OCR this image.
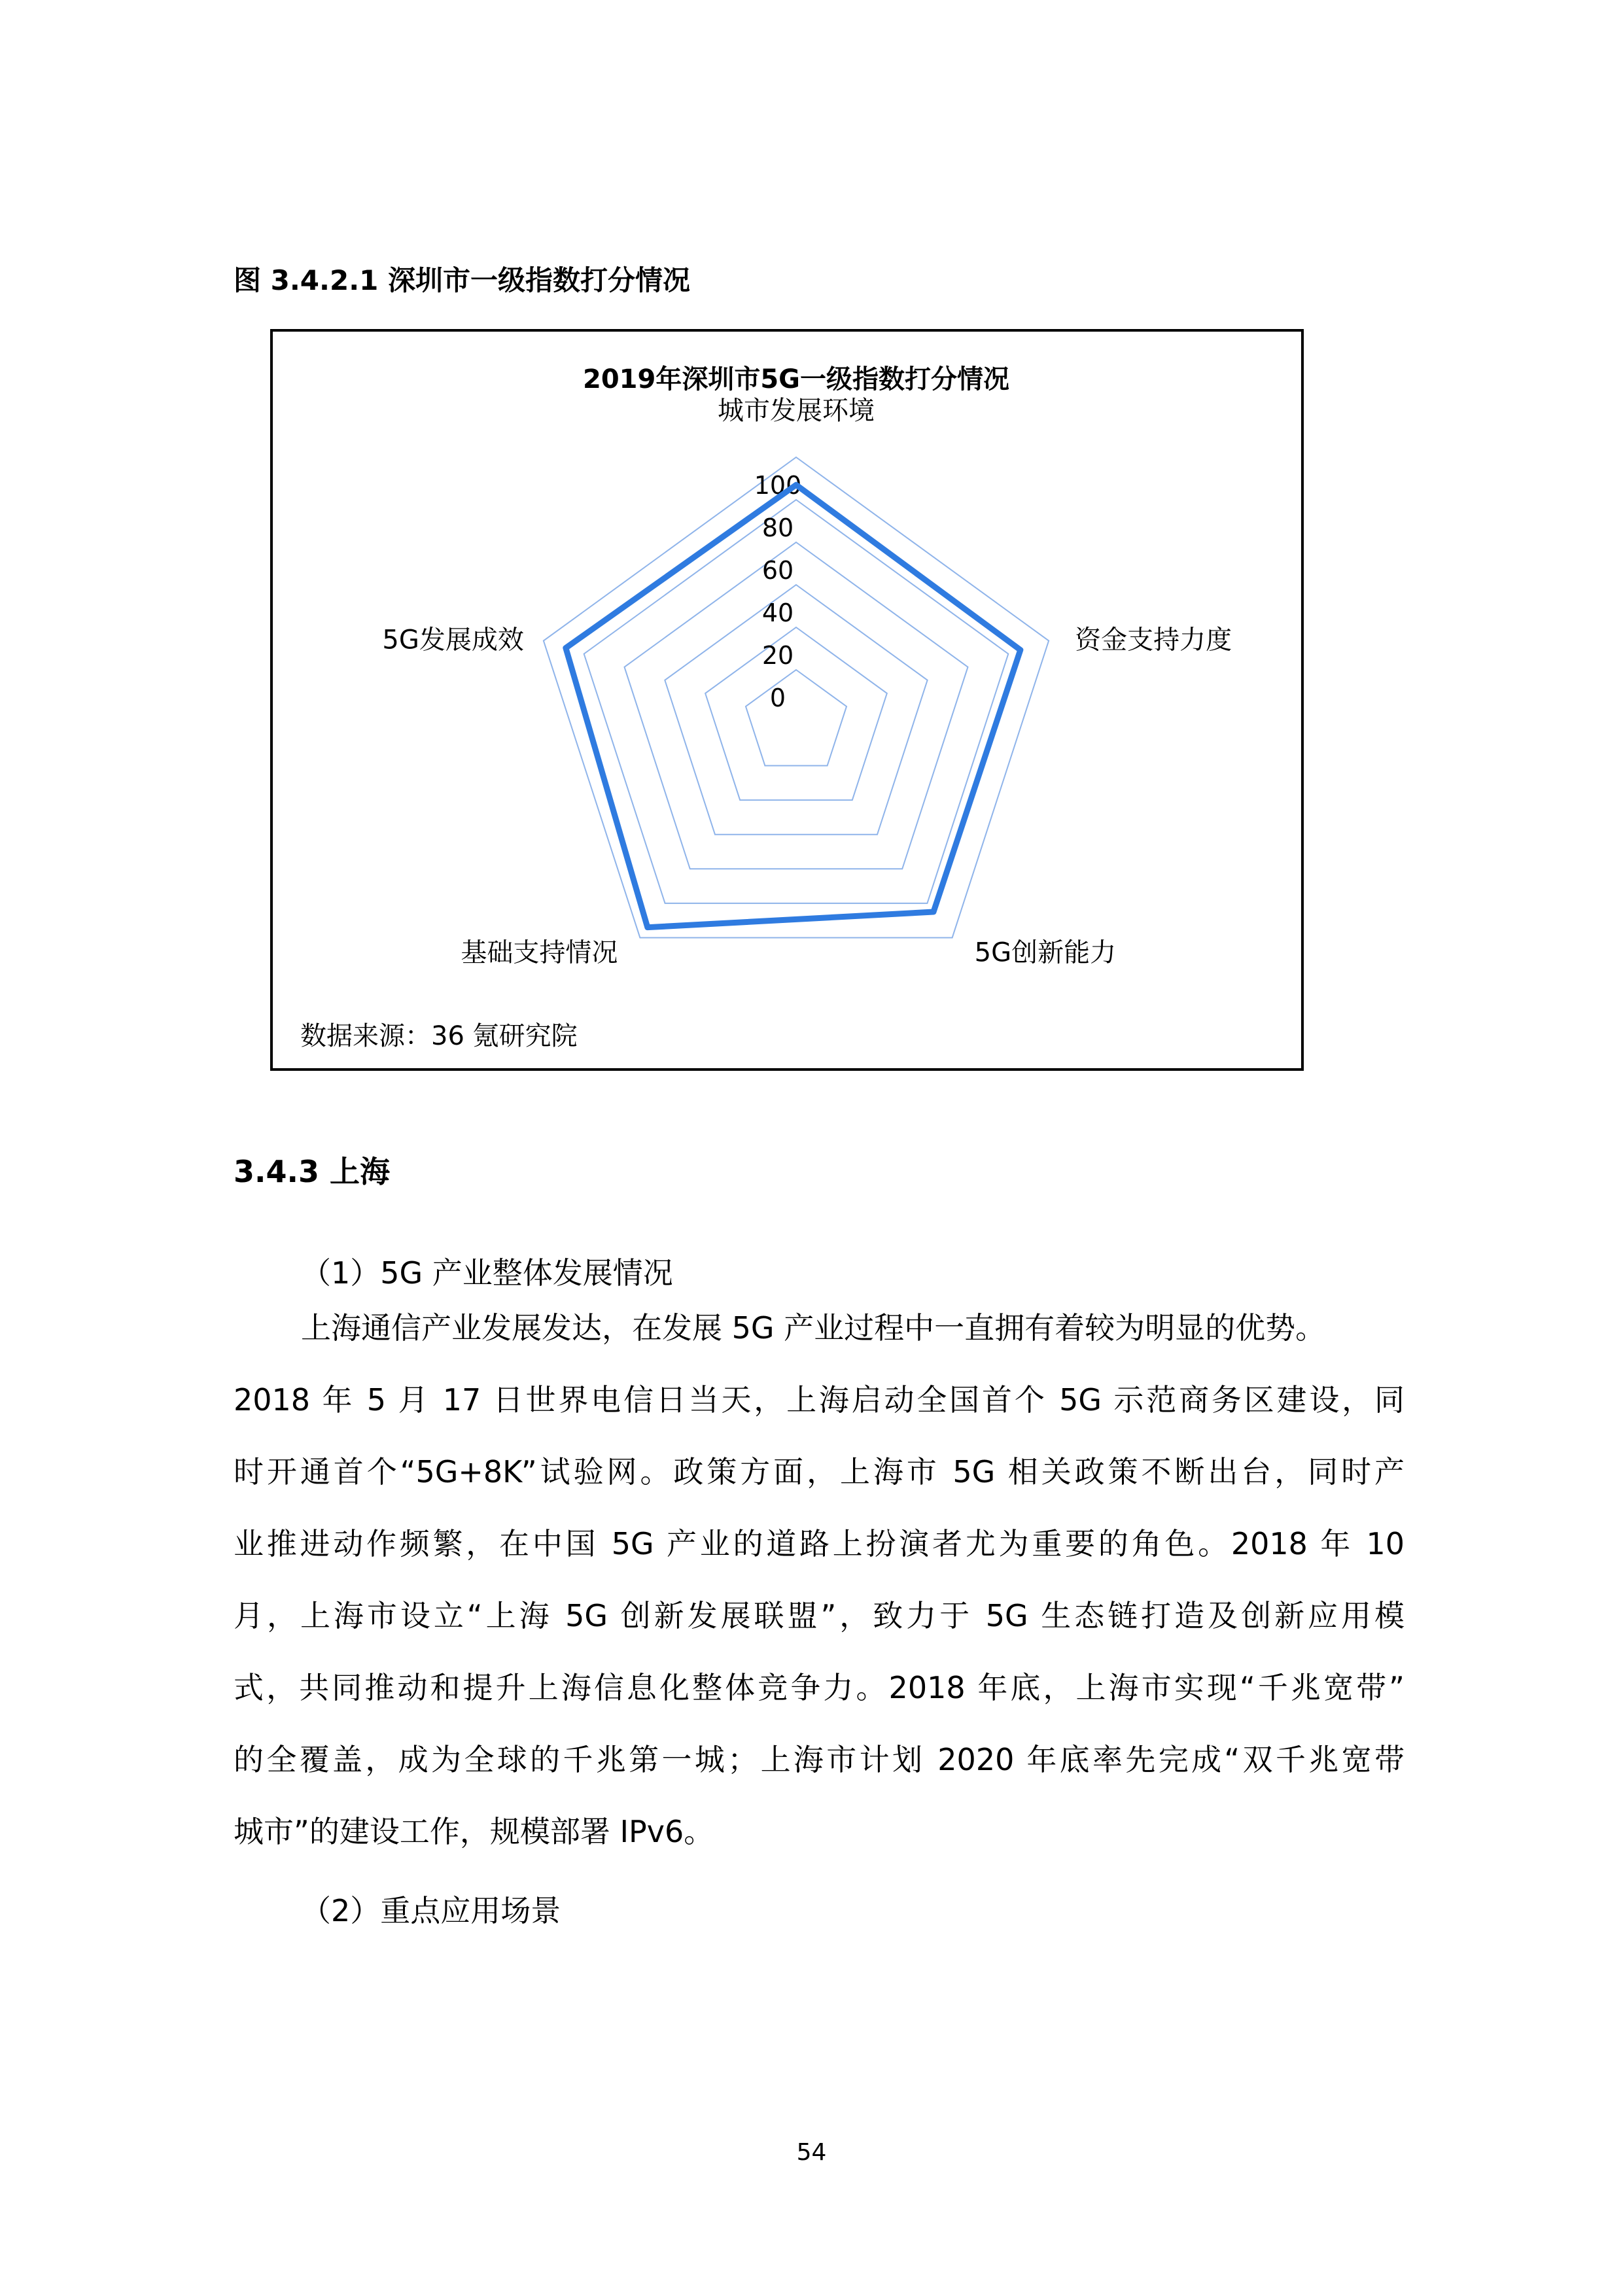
图 3.4.2.1 深圳市一级指数打分情况
2019年深圳市5G一级指数打分情况
0
20
40
60
80
100
城市发展环境
资金支持力度
5G创新能力
基础支持情况
5G发展成效
数据来源：36 氪研究院
3.4.3 上海
（1）5G 产业整体发展情况
上海通信产业发展发达，在发展 5G 产业过程中一直拥有着较为明显的优势。
2018 年 5 月 17 日世界电信日当天，上海启动全国首个 5G 示范商务区建设，同
时开通首个“5G+8K”试验网。政策方面，上海市 5G 相关政策不断出台，同时产
业推进动作频繁，在中国 5G 产业的道路上扮演者尤为重要的角色。2018 年 10
月，上海市设立“上海 5G 创新发展联盟”，致力于 5G 生态链打造及创新应用模
式，共同推动和提升上海信息化整体竞争力。2018 年底，上海市实现“千兆宽带”
的全覆盖，成为全球的千兆第一城；上海市计划 2020 年底率先完成“双千兆宽带
城市”的建设工作，规模部署 IPv6。
（2）重点应用场景
54
